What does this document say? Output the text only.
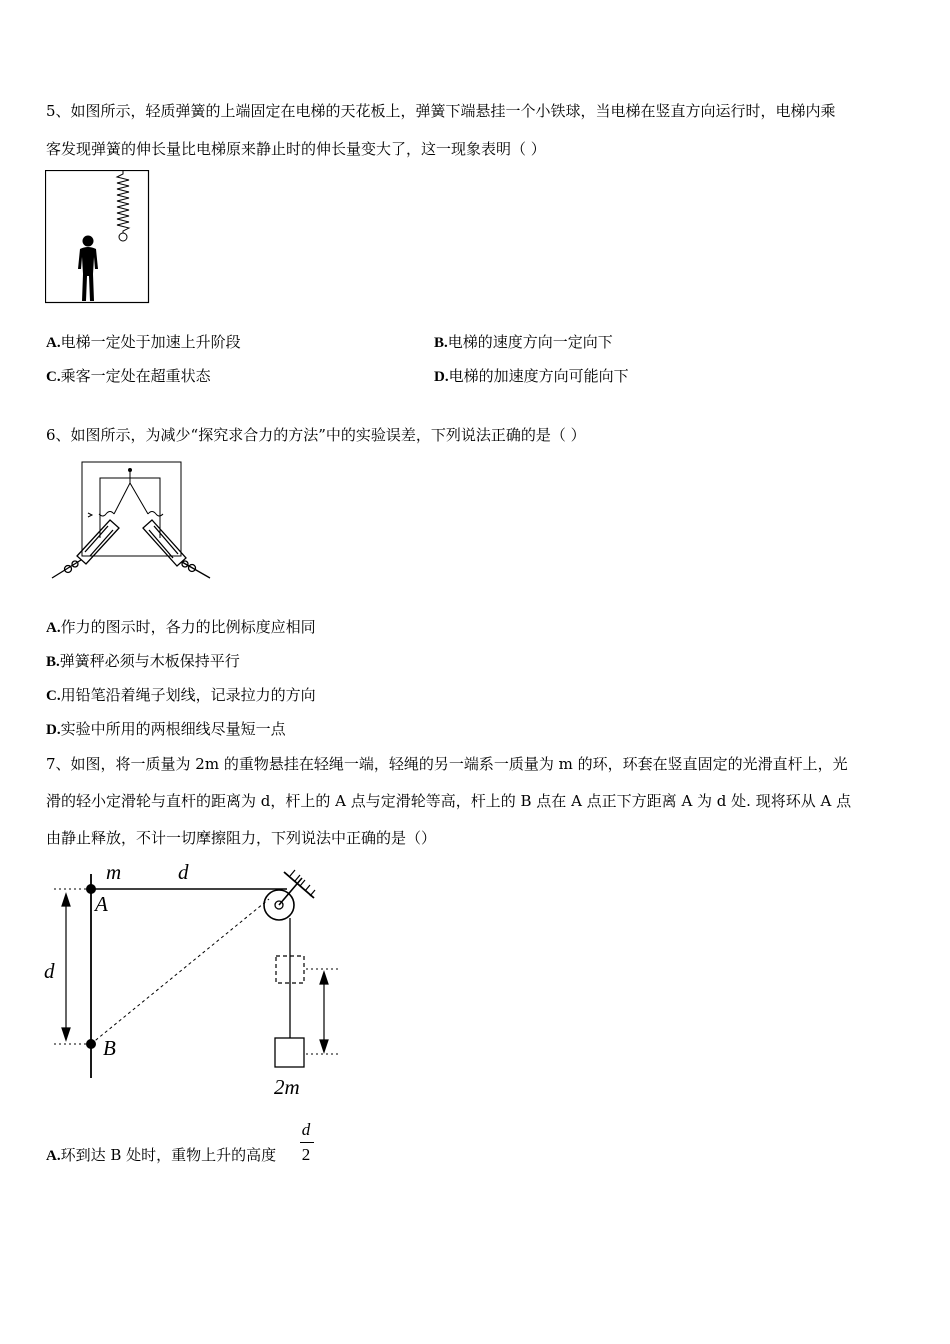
5、如图所示，轻质弹簧的上端固定在电梯的天花板上，弹簧下端悬挂一个小铁球，当电梯在竖直方向运行时，电梯内乘
客发现弹簧的伸长量比电梯原来静止时的伸长量变大了，这一现象表明（ ）
A.电梯一定处于加速上升阶段	B.电梯的速度方向一定向下
C.乘客一定处在超重状态	D.电梯的加速度方向可能向下
6、如图所示，为减少“探究求合力的方法”中的实验误差，下列说法正确的是（ ）
A.作力的图示时，各力的比例标度应相同
B.弹簧秤必须与木板保持平行
C.用铅笔沿着绳子划线，记录拉力的方向
D.实验中所用的两根细线尽量短一点
7、如图，将一质量为 2m 的重物悬挂在轻绳一端，轻绳的另一端系一质量为 m 的环，环套在竖直固定的光滑直杆上，光
滑的轻小定滑轮与直杆的距离为 d，杆上的 A 点与定滑轮等高，杆上的 B 点在 A 点正下方距离 A 为 d 处. 现将环从 A 点
由静止释放，不计一切摩擦阻力，下列说法中正确的是（）
m	d
A
d
B
2m
A.环到达 B 处时，重物上升的高度
d
2
